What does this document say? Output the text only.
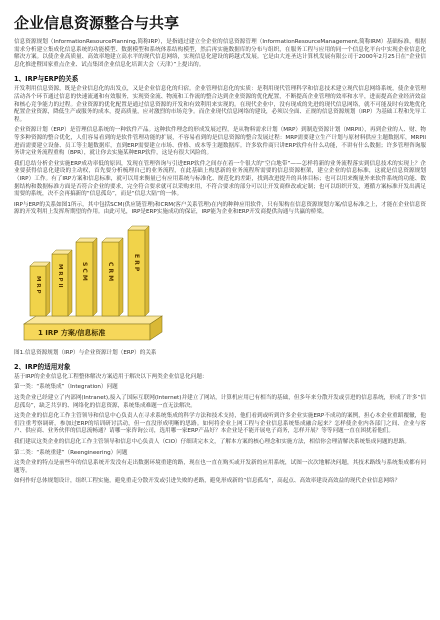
企业信息资源整合与共享

信息资源规划（InformationResourcePlanning,简称IRP），是指通过建立全企业的信息资源管理（InformationResourceManagement,简称IRM）基础标准，根据需求分析建立集成化信息系统的功能模型、数据模型和系统体系结构模型，然后再实施数据库的分布与组织，在服务工程与应用的同一个信息化平台中实现企业信息化解决方案。以使企业高质量、高效率地建立高水平的现代信息网络，实现信息化建设的跨越式发展。它是由大连圣达计算机发展有限公司于2000年2月25日在“企业信息化推进暨国家重点企业、试点集团企业信息化培训大会（天津）”上提出的。

1、IRP与ERP的关系

开发利用信息资源，既是企业信息化的出发点，又是企业信息化的归宿。企业管理信息化的实质：是利用现代管理科学和信息技术建立现代信息网络系统，使企业管理活动各个环节通过信息的快速流通和有效服务，实现资金流、物流和工作流的整合达到企业资源的优化配置，不断提高企业管理的效率和水平，进而提高企业经济效益和核心竞争能力的过程。企业资源的优化配置是通过信息资源的开发和有效利用来实现的。在现代企业中，没有现成的先进的现代信息网络，就不可能及时有效地优化配置企业资源，降低生产或服务的成本，提高质量，应对激烈的市场竞争。而企业现代信息网络的建设，必须以全面、正规的信息资源规划（IRP）为基础工程和先导工程。

企业资源计划（ERP）是管理信息系统的一种软件产品。这种软件理念的形成发展过程，是从物料需求计划（MRP）到制造资源计划（MRPII），再到企业的人、财、物等多种资源的整合优化，人们容易看到的是软件管理功能的扩展，不容易看到的是信息资源的整合发展过程：MRP需要建立生产计划与原材料供应主题数据库，MRPII进而需要建立设备、员工等主题数据库，直到ERP需要建立市场、价格、成本等主题数据库。许多软件商只讲ERP软件有什么功能，不讲有什么数据；许多管理咨询服务讲完业务流程重构（BPR），就让你去实施某种ERP软件，这是有很大风险的。

我们总结分析企业实施ERP成功率低的原因，发现在管理咨询与引进ERP软件之间存在着一个很大的“空白地带”——怎样将新的业务流程落实到信息技术的实现上？企业要获得信息化建设的主动权，首先要分析梳理自己的业务流程，在此基础上构思新的业务流程所需要的信息资源框架，建立企业的信息标准，这就是信息资源规划（IRP）工作。有了IRP方案和信息标准，就可以用来衡量已有应用系统与标准化、规范化的差距，找到改进提升的具体目标；也可以用来衡量外来软件系统的功能、数据结构和数据标准方面是否符合企业的要求，完全符合要求就可以采购来用，不符合要求的部分可以让开发商修改或定制；也可以组织开发，遵循方案标准开发出满足需要的系统，决不会再搞新的“信息孤岛”，而是“信息大陆”的一体。

IRP与ERP的关系如图1所示，其中包括SCM(供应链管理)和CRM(客户关系管理)在内的种种应用软件，只有架构在信息资源规划方案/信息标准之上，才能在企业信息资源的开发利用上发挥所期望的作用。由此可见，IRP是ERP实施成功的保证，IRP能为企业和ERP开发商提供沟通与共赢的桥梁。

1 IRP 方案/信息标准
M R P	M R P II	S C M	C R M	E R P
图1.信息资源规划（IRP）与企业资源计划（ERP）的关系
2、IRP的适用对象

基于IRP的企业信息化工程整体解决方案适用于解决以下两类企业信息化问题：

第一类：“系统集成”（Integration）问题

这类企业已经建立了内部网(Intranet),接入了国际互联网(Internet)并建立了网站，计算机应用已有相当的基础，但多年来分散开发或引进的信息系统，形成了许多“信息孤岛”，缺乏共享的、网络化的信息资源，系统集成难题一直无法解决。

这类企业的信息化工作主管领导和信息中心负责人在寻求系统集成的科学方法和技术支持，他们看到或听到许多企业实施ERP不成功的案例，担心本企业重蹈覆辙，他们注重考察调研，参加过ERP的培训研讨活动，但一直没形成明晰的思路。如何将企业上网工程与企业信息系统集成融合起来？怎样使企业内各部门之间、企业与客户、供应商、业务伙伴的信息流畅通？请哪一家咨询公司，选用哪一家ERP产品好？本企业是不能开展电子商务，怎样开展？等等问题一直在困扰着他们。

我们建议这类企业的信息化工作主管领导和信息中心负责人（CIO）仔细读完本文，了解本方案的核心理念和实施方法，相信你会理清解决系统集成问题的思路。

第二类：“系统重建”（Reengineering）问题

这类企业的特点是前些年的信息系统开发没有走出数据环境重建的路，现在也一直在购买或开发新的应用系统，试图一次次地解决问题，其技术路线与系统集成都有问题等。

如何作好总体规划设计，组织工程实施，避免重走分散开发或引进失败的老路，避免形成新的“信息孤岛”，高起点、高效率建设高效益的现代企业信息网络？
